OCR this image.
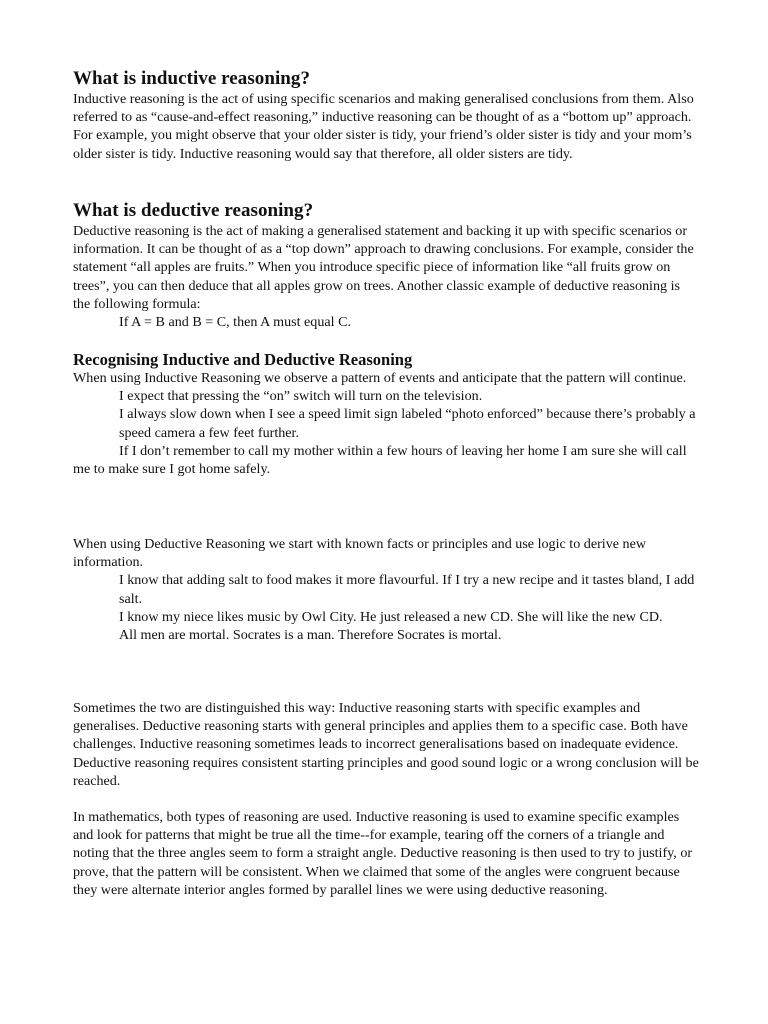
What is inductive reasoning?

Inductive reasoning is the act of using specific scenarios and making generalised conclusions from them. Also referred to as “cause-and-effect reasoning,” inductive reasoning can be thought of as a “bottom up” approach. For example, you might observe that your older sister is tidy, your friend’s older sister is tidy and your mom’s older sister is tidy. Inductive reasoning would say that therefore, all older sisters are tidy.

What is deductive reasoning?

Deductive reasoning is the act of making a generalised statement and backing it up with specific scenarios or information. It can be thought of as a “top down” approach to drawing conclusions. For example, consider the statement “all apples are fruits.” When you introduce specific piece of information like “all fruits grow on trees”, you can then deduce that all apples grow on trees. Another classic example of deductive reasoning is the following formula:

If A = B and B = C, then A must equal C.

Recognising Inductive and Deductive Reasoning

When using Inductive Reasoning we observe a pattern of events and anticipate that the pattern will continue.

I expect that pressing the “on” switch will turn on the television.

I always slow down when I see a speed limit sign labeled “photo enforced” because there’s probably a speed camera a few feet further.

If I don’t remember to call my mother within a few hours of leaving her home I am sure she will call me to make sure I got home safely.

When using Deductive Reasoning we start with known facts or principles and use logic to derive new information.

I know that adding salt to food makes it more flavourful. If I try a new recipe and it tastes bland, I add salt.

I know my niece likes music by Owl City. He just released a new CD. She will like the new CD.

All men are mortal. Socrates is a man. Therefore Socrates is mortal.

Sometimes the two are distinguished this way: Inductive reasoning starts with specific examples and generalises. Deductive reasoning starts with general principles and applies them to a specific case. Both have challenges. Inductive reasoning sometimes leads to incorrect generalisations based on inadequate evidence. Deductive reasoning requires consistent starting principles and good sound logic or a wrong conclusion will be reached.

In mathematics, both types of reasoning are used. Inductive reasoning is used to examine specific examples and look for patterns that might be true all the time--for example, tearing off the corners of a triangle and noting that the three angles seem to form a straight angle. Deductive reasoning is then used to try to justify, or prove, that the pattern will be consistent. When we claimed that some of the angles were congruent because they were alternate interior angles formed by parallel lines we were using deductive reasoning.
